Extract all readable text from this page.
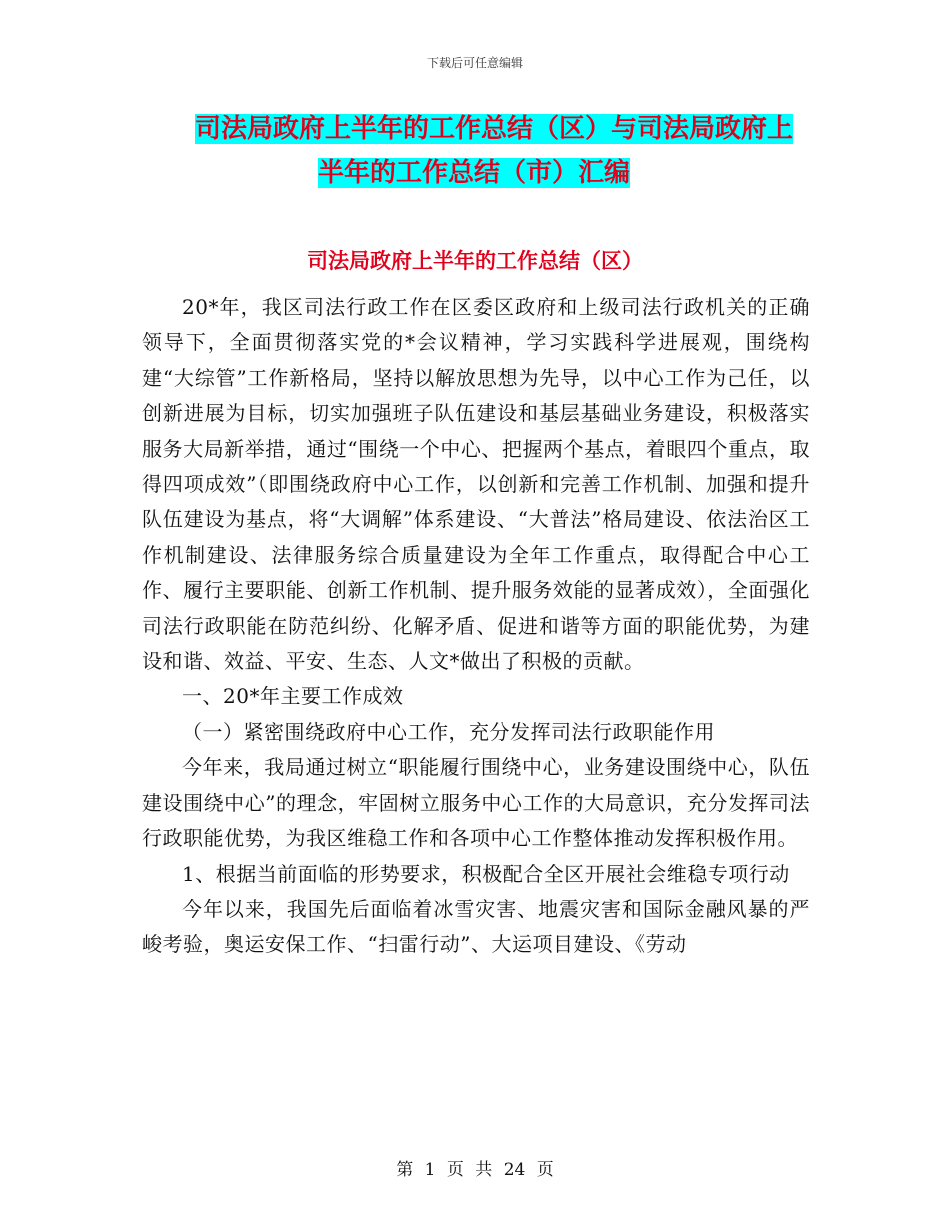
下载后可任意编辑
司法局政府上半年的工作总结（区）与司法局政府上
半年的工作总结（市）汇编
司法局政府上半年的工作总结（区）

20*年，我区司法行政工作在区委区政府和上级司法行政机关的正确领导下，全面贯彻落实党的*会议精神，学习实践科学进展观，围绕构建“大综管”工作新格局，坚持以解放思想为先导，以中心工作为己任，以创新进展为目标，切实加强班子队伍建设和基层基础业务建设，积极落实服务大局新举措，通过“围绕一个中心、把握两个基点，着眼四个重点，取得四项成效”（即围绕政府中心工作，以创新和完善工作机制、加强和提升队伍建设为基点，将“大调解”体系建设、“大普法”格局建设、依法治区工作机制建设、法律服务综合质量建设为全年工作重点，取得配合中心工作、履行主要职能、创新工作机制、提升服务效能的显著成效），全面强化司法行政职能在防范纠纷、化解矛盾、促进和谐等方面的职能优势，为建设和谐、效益、平安、生态、人文*做出了积极的贡献。

一、20*年主要工作成效

（一）紧密围绕政府中心工作，充分发挥司法行政职能作用

今年来，我局通过树立“职能履行围绕中心，业务建设围绕中心，队伍建设围绕中心”的理念，牢固树立服务中心工作的大局意识，充分发挥司法行政职能优势，为我区维稳工作和各项中心工作整体推动发挥积极作用。

1、根据当前面临的形势要求，积极配合全区开展社会维稳专项行动

今年以来，我国先后面临着冰雪灾害、地震灾害和国际金融风暴的严峻考验，奥运安保工作、“扫雷行动”、大运项目建设、《劳动

第 1 页 共 24 页
